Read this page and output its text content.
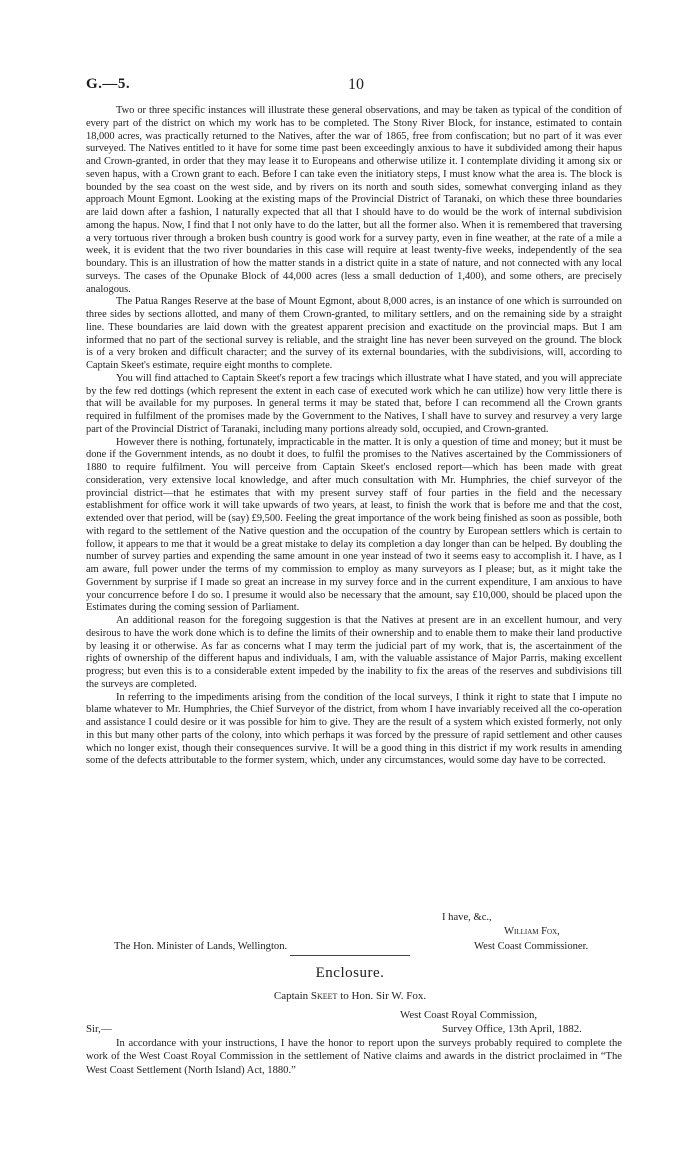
G.—5.	10

Two or three specific instances will illustrate these general observations, and may be taken as typical of the condition of every part of the district on which my work has to be completed. The Stony River Block, for instance, estimated to contain 18,000 acres, was practically returned to the Natives, after the war of 1865, free from confiscation; but no part of it was ever surveyed. The Natives entitled to it have for some time past been exceedingly anxious to have it subdivided among their hapus and Crown-granted, in order that they may lease it to Europeans and otherwise utilize it. I contemplate dividing it among six or seven hapus, with a Crown grant to each. Before I can take even the initiatory steps, I must know what the area is. The block is bounded by the sea coast on the west side, and by rivers on its north and south sides, somewhat converging inland as they approach Mount Egmont. Looking at the existing maps of the Provincial District of Taranaki, on which these three boundaries are laid down after a fashion, I naturally expected that all that I should have to do would be the work of internal subdivision among the hapus. Now, I find that I not only have to do the latter, but all the former also. When it is remembered that traversing a very tortuous river through a broken bush country is good work for a survey party, even in fine weather, at the rate of a mile a week, it is evident that the two river boundaries in this case will require at least twenty-five weeks, independently of the sea boundary. This is an illustration of how the matter stands in a district quite in a state of nature, and not connected with any local surveys. The cases of the Opunake Block of 44,000 acres (less a small deduction of 1,400), and some others, are precisely analogous.

The Patua Ranges Reserve at the base of Mount Egmont, about 8,000 acres, is an instance of one which is surrounded on three sides by sections allotted, and many of them Crown-granted, to military settlers, and on the remaining side by a straight line. These boundaries are laid down with the greatest apparent precision and exactitude on the provincial maps. But I am informed that no part of the sectional survey is reliable, and the straight line has never been surveyed on the ground. The block is of a very broken and difficult character; and the survey of its external boundaries, with the subdivisions, will, according to Captain Skeet's estimate, require eight months to complete.

You will find attached to Captain Skeet's report a few tracings which illustrate what I have stated, and you will appreciate by the few red dottings (which represent the extent in each case of executed work which he can utilize) how very little there is that will be available for my purposes. In general terms it may be stated that, before I can recommend all the Crown grants required in fulfilment of the promises made by the Government to the Natives, I shall have to survey and resurvey a very large part of the Provincial District of Taranaki, including many portions already sold, occupied, and Crown-granted.

However there is nothing, fortunately, impracticable in the matter. It is only a question of time and money; but it must be done if the Government intends, as no doubt it does, to fulfil the promises to the Natives ascertained by the Commissioners of 1880 to require fulfilment. You will perceive from Captain Skeet's enclosed report—which has been made with great consideration, very extensive local knowledge, and after much consultation with Mr. Humphries, the chief surveyor of the provincial district—that he estimates that with my present survey staff of four parties in the field and the necessary establishment for office work it will take upwards of two years, at least, to finish the work that is before me and that the cost, extended over that period, will be (say) £9,500. Feeling the great importance of the work being finished as soon as possible, both with regard to the settlement of the Native question and the occupation of the country by European settlers which is certain to follow, it appears to me that it would be a great mistake to delay its completion a day longer than can be helped. By doubling the number of survey parties and expending the same amount in one year instead of two it seems easy to accomplish it. I have, as I am aware, full power under the terms of my commission to employ as many surveyors as I please; but, as it might take the Government by surprise if I made so great an increase in my survey force and in the current expenditure, I am anxious to have your concurrence before I do so. I presume it would also be necessary that the amount, say £10,000, should be placed upon the Estimates during the coming session of Parliament.

An additional reason for the foregoing suggestion is that the Natives at present are in an excellent humour, and very desirous to have the work done which is to define the limits of their ownership and to enable them to make their land productive by leasing it or otherwise. As far as concerns what I may term the judicial part of my work, that is, the ascertainment of the rights of ownership of the different hapus and individuals, I am, with the valuable assistance of Major Parris, making excellent progress; but even this is to a considerable extent impeded by the inability to fix the areas of the reserves and subdivisions till the surveys are completed.

In referring to the impediments arising from the condition of the local surveys, I think it right to state that I impute no blame whatever to Mr. Humphries, the Chief Surveyor of the district, from whom I have invariably received all the co-operation and assistance I could desire or it was possible for him to give. They are the result of a system which existed formerly, not only in this but many other parts of the colony, into which perhaps it was forced by the pressure of rapid settlement and other causes which no longer exist, though their consequences survive. It will be a good thing in this district if my work results in amending some of the defects attributable to the former system, which, under any circumstances, would some day have to be corrected.

I have, &c.,
William Fox,
The Hon. Minister of Lands, Wellington.	West Coast Commissioner.
Enclosure.
Captain Skeet to Hon. Sir W. Fox.
West Coast Royal Commission,
Sir,—	Survey Office, 13th April, 1882.

In accordance with your instructions, I have the honor to report upon the surveys probably required to complete the work of the West Coast Royal Commission in the settlement of Native claims and awards in the district proclaimed in “The West Coast Settlement (North Island) Act, 1880.”
